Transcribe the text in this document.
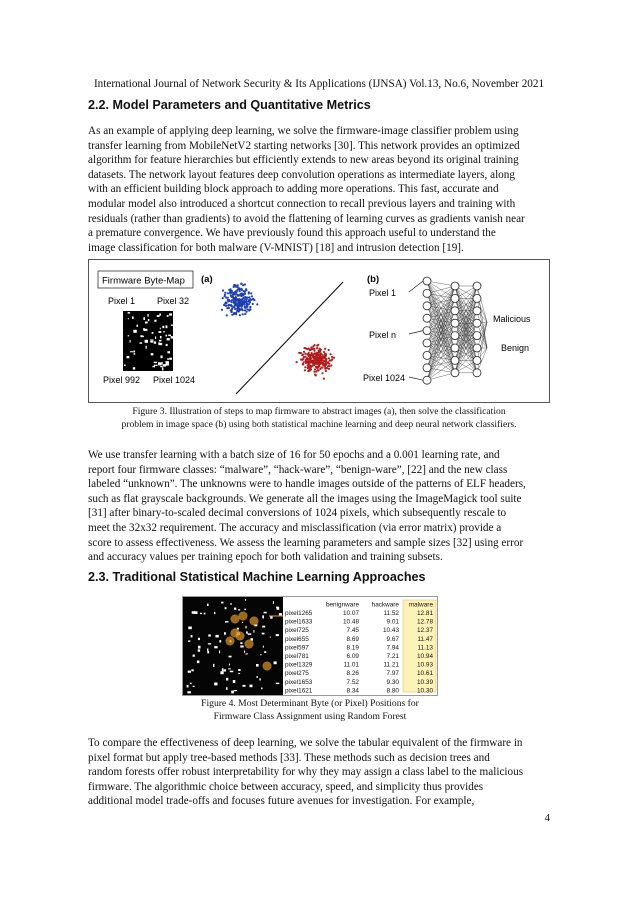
International Journal of Network Security & Its Applications (IJNSA) Vol.13, No.6, November 2021
2.2. Model Parameters and Quantitative Metrics

As an example of applying deep learning, we solve the firmware-image classifier problem using

transfer learning from MobileNetV2 starting networks [30]. This network provides an optimized

algorithm for feature hierarchies but efficiently extends to new areas beyond its original training

datasets. The network layout features deep convolution operations as intermediate layers, along

with an efficient building block approach to adding more operations. This fast, accurate and

modular model also introduced a shortcut connection to recall previous layers and training with

residuals (rather than gradients) to avoid the flattening of learning curves as gradients vanish near

a premature convergence. We have previously found this approach useful to understand the

image classification for both malware (V-MNIST) [18] and intrusion detection [19].

Firmware Byte-Map
Pixel 1 Pixel 32
Pixel 992 Pixel 1024
(a)	(b)
Pixel 1
Pixel n
Pixel 1024
Malicious
Benign
Figure 3. Illustration of steps to map firmware to abstract images (a), then solve the classification
problem in image space (b) using both statistical machine learning and deep neural network classifiers.

We use transfer learning with a batch size of 16 for 50 epochs and a 0.001 learning rate, and

report four firmware classes: “malware”, “hack-ware”, “benign-ware”, [22] and the new class

labeled “unknown”. The unknowns were to handle images outside of the patterns of ELF headers,

such as flat grayscale backgrounds. We generate all the images using the ImageMagick tool suite

[31] after binary-to-scaled decimal conversions of 1024 pixels, which subsequently rescale to

meet the 32x32 requirement. The accuracy and misclassification (via error matrix) provide a

score to assess effectiveness. We assess the learning parameters and sample sizes [32] using error

and accuracy values per training epoch for both validation and training subsets.

2.3. Traditional Statistical Machine Learning Approaches
benignware hackware malware
pixel1265	10.07	11.52	12.81
pixel1633	10.48	9.01	12.78
pixel725	7.45	10.43	12.37
pixel655	8.69	9.67	11.47
pixel597	8.19	7.94	11.13
pixel781	6.09	7.21	10.94
pixel1329	11.01	11.21	10.93
pixel275	8.26	7.97	10.61
pixel1653	7.52	9.30	10.39
pixel1621	8.34	8.80	10.30
Figure 4. Most Determinant Byte (or Pixel) Positions for
Firmware Class Assignment using Random Forest

To compare the effectiveness of deep learning, we solve the tabular equivalent of the firmware in

pixel format but apply tree-based methods [33]. These methods such as decision trees and

random forests offer robust interpretability for why they may assign a class label to the malicious

firmware. The algorithmic choice between accuracy, speed, and simplicity thus provides

additional model trade-offs and focuses future avenues for investigation. For example,

4
